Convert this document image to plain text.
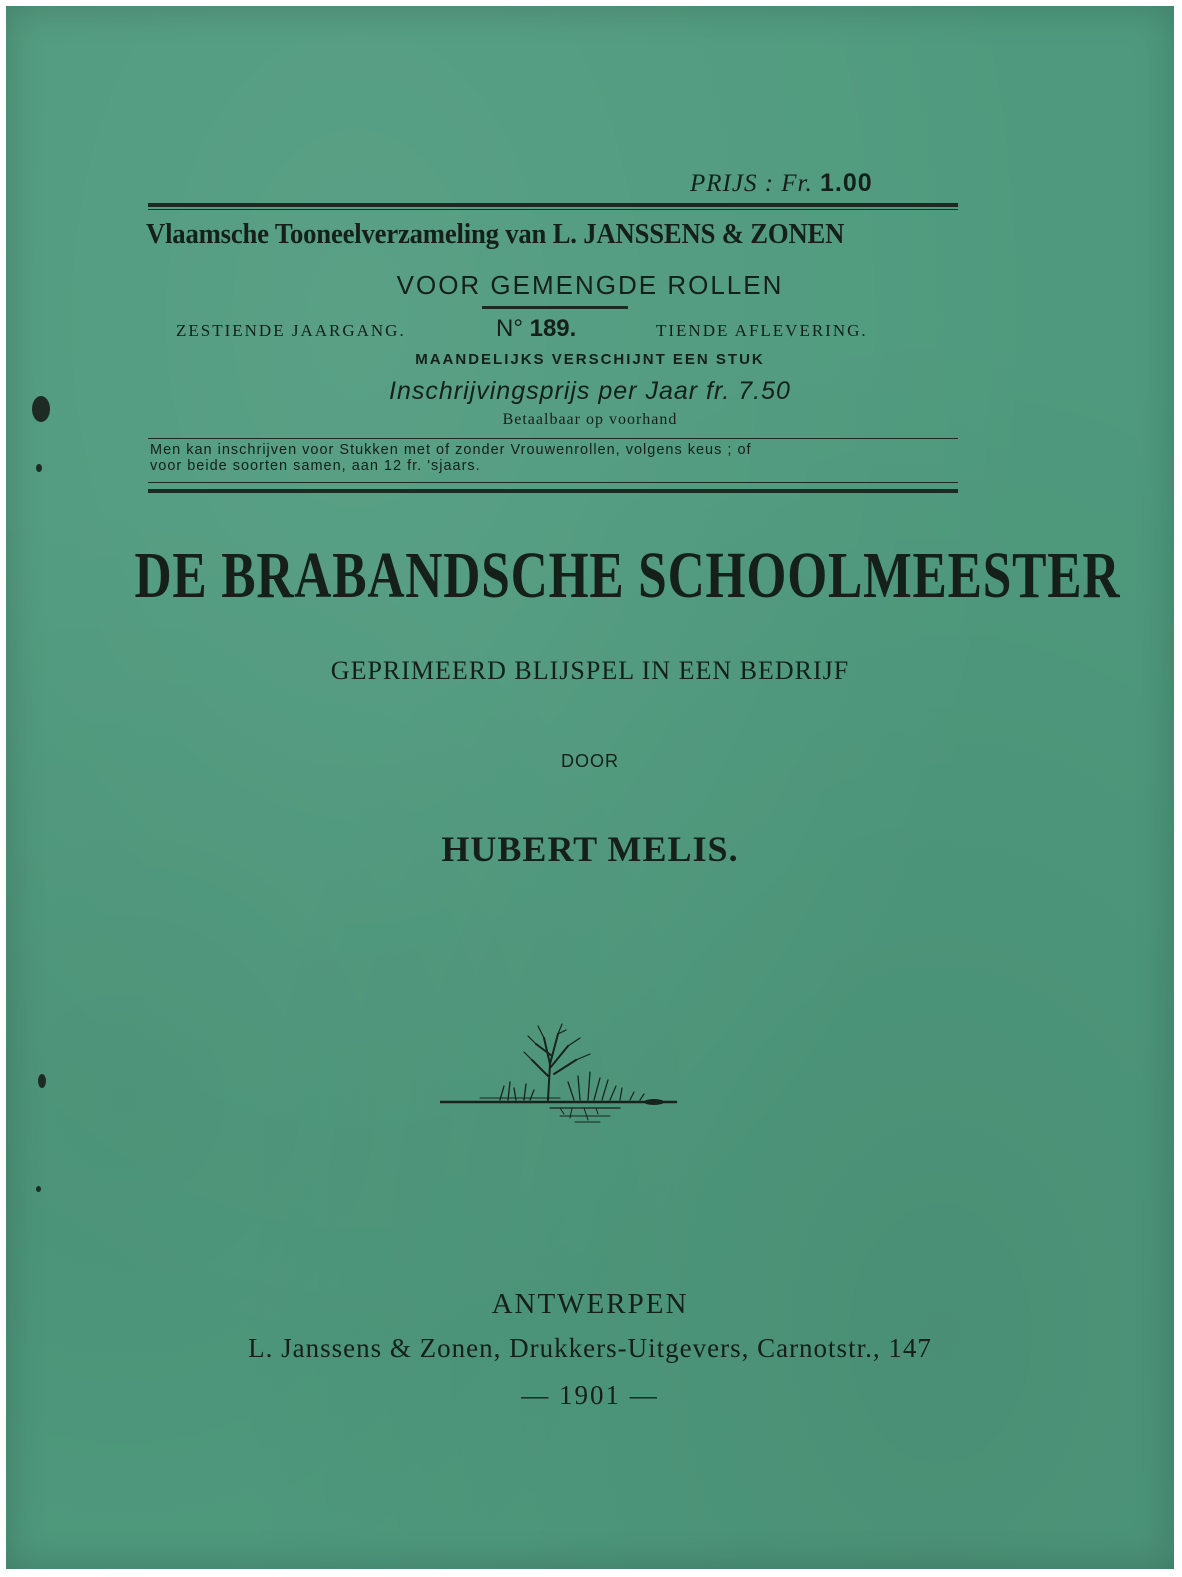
PRIJS : Fr. 1.00
Vlaamsche Tooneelverzameling van L. JANSSENS & ZONEN
VOOR GEMENGDE ROLLEN
ZESTIENDE JAARGANG.	N° 189.	TIENDE AFLEVERING.
MAANDELIJKS VERSCHIJNT EEN STUK
Inschrijvingsprijs per Jaar fr. 7.50
Betaalbaar op voorhand
Men kan inschrijven voor Stukken met of zonder Vrouwenrollen, volgens keus ; of
voor beide soorten samen, aan 12 fr. 'sjaars.
DE BRABANDSCHE SCHOOLMEESTER
GEPRIMEERD BLIJSPEL IN EEN BEDRIJF
DOOR
HUBERT MELIS.
ANTWERPEN
L. Janssens & Zonen, Drukkers-Uitgevers, Carnotstr., 147
— 1901 —
